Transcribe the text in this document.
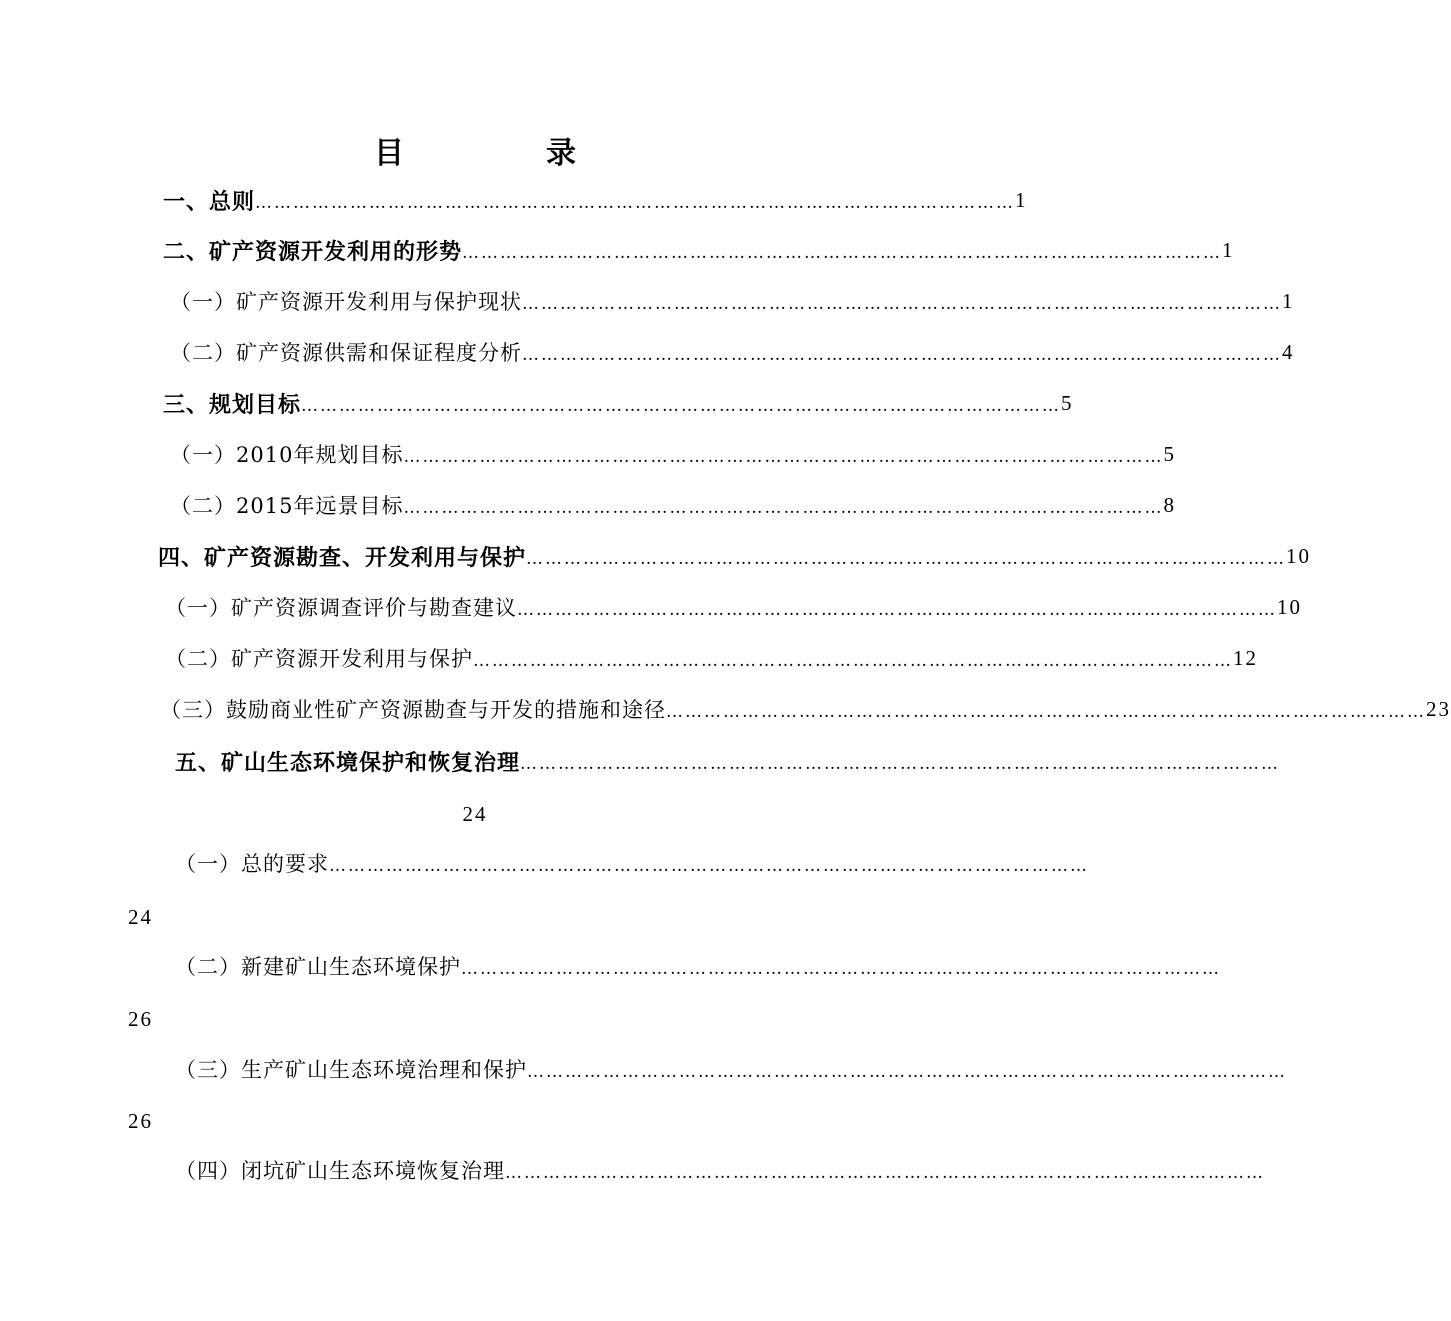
目　录
一、总则 ………………………………………………………………………………………………………… 1
二、矿产资源开发利用的形势 ………………………………………………………………………………………………………… 1
（一）矿产资源开发利用与保护现状 ………………………………………………………………………………………………………… 1
（二）矿产资源供需和保证程度分析 ………………………………………………………………………………………………………… 4
三、规划目标 ………………………………………………………………………………………………………… 5
（一）2010年规划目标 ………………………………………………………………………………………………………… 5
（二）2015年远景目标 ………………………………………………………………………………………………………… 8
四、矿产资源勘查、开发利用与保护 ………………………………………………………………………………………………………… 10
（一）矿产资源调查评价与勘查建议 ………………………………………………………………………………………………………… 10
（二）矿产资源开发利用与保护 ………………………………………………………………………………………………………… 12
（三）鼓励商业性矿产资源勘查与开发的措施和途径 ………………………………………………………………………………………………………… 23
五、矿山生态环境保护和恢复治理 …………………………………………………………………………………………………………
24
（一）总的要求 …………………………………………………………………………………………………………
24
（二）新建矿山生态环境保护 …………………………………………………………………………………………………………
26
（三）生产矿山生态环境治理和保护 …………………………………………………………………………………………………………
26
（四）闭坑矿山生态环境恢复治理 …………………………………………………………………………………………………………
